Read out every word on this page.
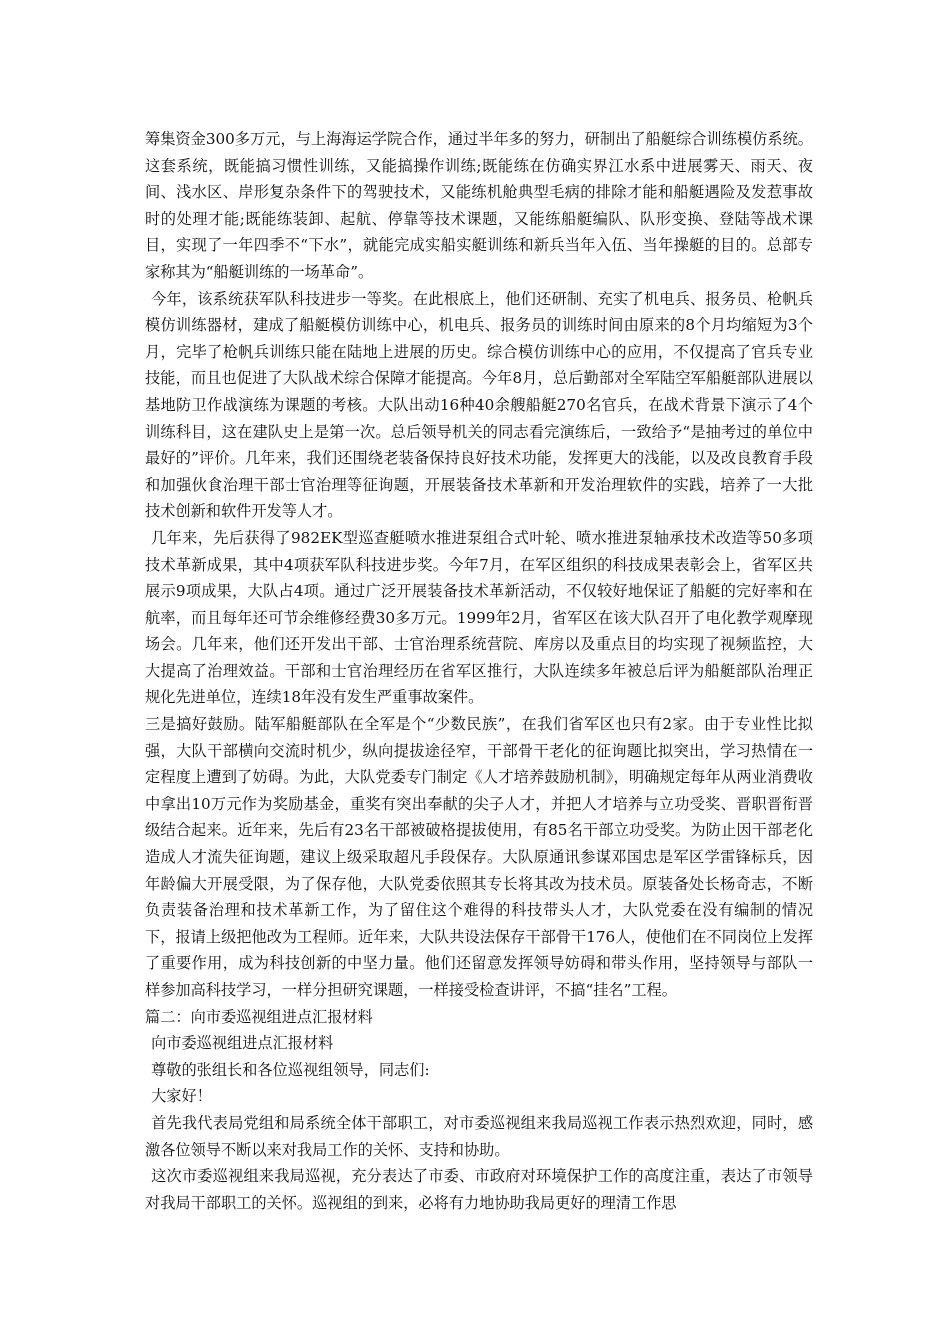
筹集资金300多万元，与上海海运学院合作，通过半年多的努力，研制出了船艇综合训练模仿系统。这套系统，既能搞习惯性训练，又能搞操作训练;既能练在仿确实界江水系中进展雾天、雨天、夜间、浅水区、岸形复杂条件下的驾驶技术，又能练机舱典型毛病的排除才能和船艇遇险及发惹事故时的处理才能;既能练装卸、起航、停靠等技术课题，又能练船艇编队、队形变换、登陆等战术课目，实现了一年四季不“下水”，就能完成实船实艇训练和新兵当年入伍、当年操艇的目的。总部专家称其为“船艇训练的一场革命”。

今年，该系统获军队科技进步一等奖。在此根底上，他们还研制、充实了机电兵、报务员、枪帆兵模仿训练器材，建成了船艇模仿训练中心，机电兵、报务员的训练时间由原来的8个月均缩短为3个月，完毕了枪帆兵训练只能在陆地上进展的历史。综合模仿训练中心的应用，不仅提高了官兵专业技能，而且也促进了大队战术综合保障才能提高。今年8月，总后勤部对全军陆空军船艇部队进展以基地防卫作战演练为课题的考核。大队出动16种40余艘船艇270名官兵，在战术背景下演示了4个训练科目，这在建队史上是第一次。总后领导机关的同志看完演练后，一致给予“是抽考过的单位中最好的”评价。几年来，我们还围绕老装备保持良好技术功能，发挥更大的浅能，以及改良教育手段和加强伙食治理干部士官治理等征询题，开展装备技术革新和开发治理软件的实践，培养了一大批技术创新和软件开发等人才。

几年来，先后获得了982EK型巡查艇喷水推进泵组合式叶轮、喷水推进泵轴承技术改造等50多项技术革新成果，其中4项获军队科技进步奖。今年7月，在军区组织的科技成果表彰会上，省军区共展示9项成果，大队占4项。通过广泛开展装备技术革新活动，不仅较好地保证了船艇的完好率和在航率，而且每年还可节余维修经费30多万元。1999年2月，省军区在该大队召开了电化教学观摩现场会。几年来，他们还开发出干部、士官治理系统营院、库房以及重点目的均实现了视频监控，大大提高了治理效益。干部和士官治理经历在省军区推行，大队连续多年被总后评为船艇部队治理正规化先进单位，连续18年没有发生严重事故案件。

三是搞好鼓励。陆军船艇部队在全军是个“少数民族”，在我们省军区也只有2家。由于专业性比拟强，大队干部横向交流时机少，纵向提拔途径窄，干部骨干老化的征询题比拟突出，学习热情在一定程度上遭到了妨碍。为此，大队党委专门制定《人才培养鼓励机制》，明确规定每年从两业消费收中拿出10万元作为奖励基金，重奖有突出奉献的尖子人才，并把人才培养与立功受奖、晋职晋衔晋级结合起来。近年来，先后有23名干部被破格提拔使用，有85名干部立功受奖。为防止因干部老化造成人才流失征询题，建议上级采取超凡手段保存。大队原通讯参谋邓国忠是军区学雷锋标兵，因年龄偏大开展受限，为了保存他，大队党委依照其专长将其改为技术员。原装备处长杨奇志，不断负责装备治理和技术革新工作，为了留住这个难得的科技带头人才，大队党委在没有编制的情况下，报请上级把他改为工程师。近年来，大队共设法保存干部骨干176人，使他们在不同岗位上发挥了重要作用，成为科技创新的中坚力量。他们还留意发挥领导妨碍和带头作用，坚持领导与部队一样参加高科技学习，一样分担研究课题，一样接受检查讲评，不搞“挂名”工程。

篇二：向市委巡视组进点汇报材料

向市委巡视组进点汇报材料

尊敬的张组长和各位巡视组领导，同志们:

大家好！

首先我代表局党组和局系统全体干部职工，对市委巡视组来我局巡视工作表示热烈欢迎，同时，感激各位领导不断以来对我局工作的关怀、支持和协助。

这次市委巡视组来我局巡视，充分表达了市委、市政府对环境保护工作的高度注重，表达了市领导对我局干部职工的关怀。巡视组的到来，必将有力地协助我局更好的理清工作思
